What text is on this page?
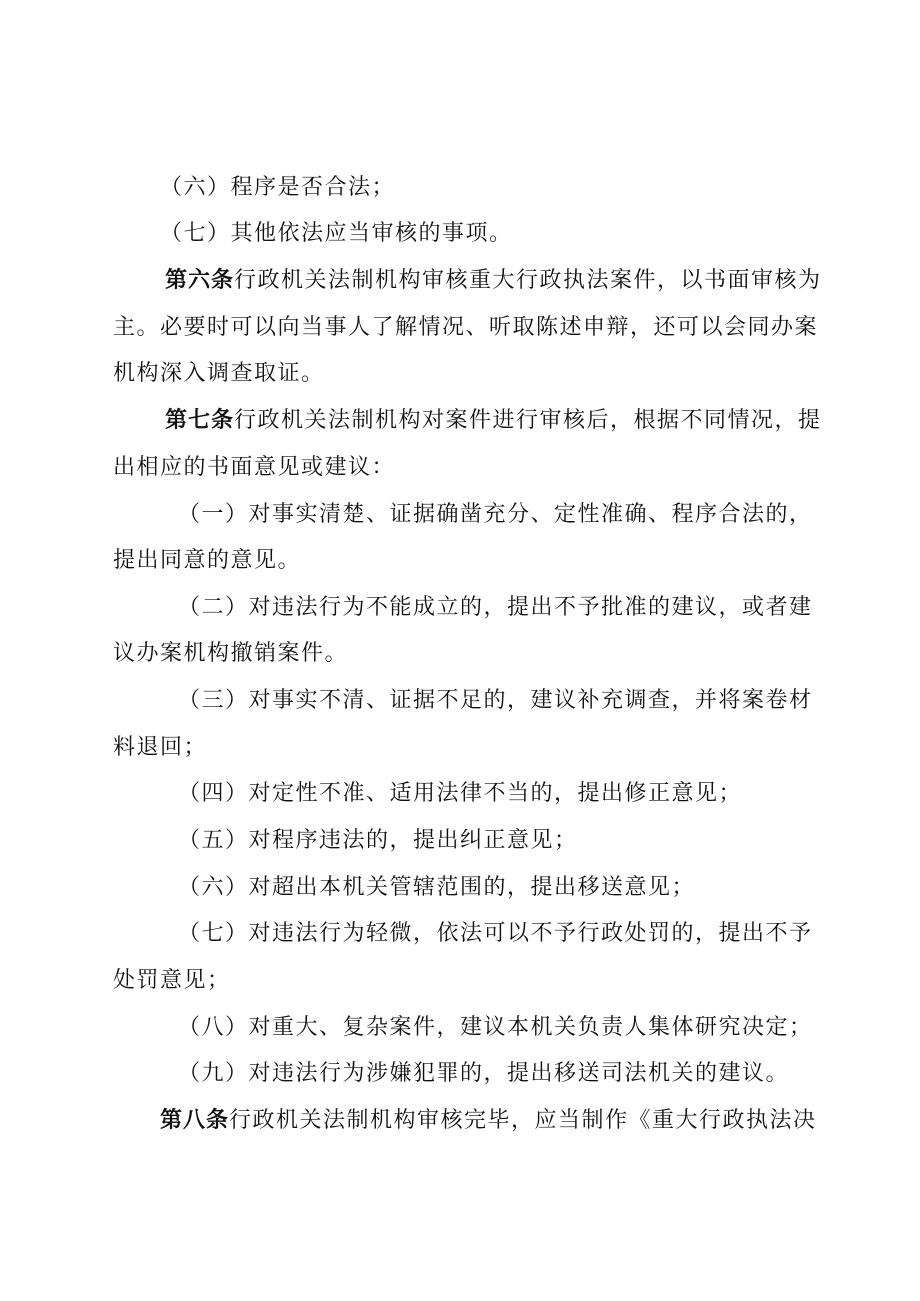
（六）程序是否合法；
（七）其他依法应当审核的事项。
第六条行政机关法制机构审核重大行政执法案件，以书面审核为
主。必要时可以向当事人了解情况、听取陈述申辩，还可以会同办案
机构深入调查取证。
第七条行政机关法制机构对案件进行审核后，根据不同情况，提
出相应的书面意见或建议：
（一）对事实清楚、证据确凿充分、定性准确、程序合法的，
提出同意的意见。
（二）对违法行为不能成立的，提出不予批准的建议，或者建
议办案机构撤销案件。
（三）对事实不清、证据不足的，建议补充调查，并将案卷材
料退回；
（四）对定性不准、适用法律不当的，提出修正意见；
（五）对程序违法的，提出纠正意见；
（六）对超出本机关管辖范围的，提出移送意见；
（七）对违法行为轻微，依法可以不予行政处罚的，提出不予
处罚意见；
（八）对重大、复杂案件，建议本机关负责人集体研究决定；
（九）对违法行为涉嫌犯罪的，提出移送司法机关的建议。
第八条行政机关法制机构审核完毕，应当制作《重大行政执法决
